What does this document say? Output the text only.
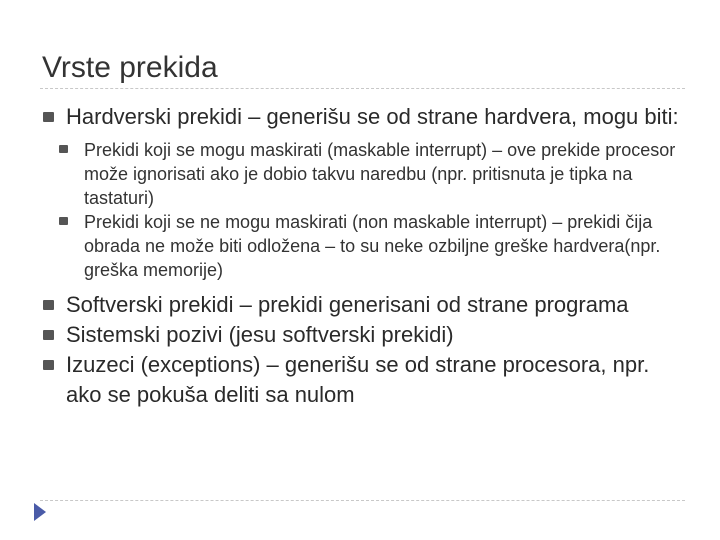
Vrste prekida
Hardverski prekidi – generišu se od strane hardvera, mogu biti:
Prekidi koji se mogu maskirati (maskable interrupt) – ove prekide procesor može ignorisati ako je dobio takvu naredbu (npr. pritisnuta je tipka na tastaturi)
Prekidi koji se ne mogu maskirati (non maskable interrupt) – prekidi čija obrada ne može biti odložena – to su neke ozbiljne greške hardvera(npr. greška memorije)
Softverski prekidi – prekidi generisani od strane programa
Sistemski pozivi (jesu softverski prekidi)
Izuzeci (exceptions) – generišu se od strane procesora, npr. ako se pokuša deliti sa nulom
